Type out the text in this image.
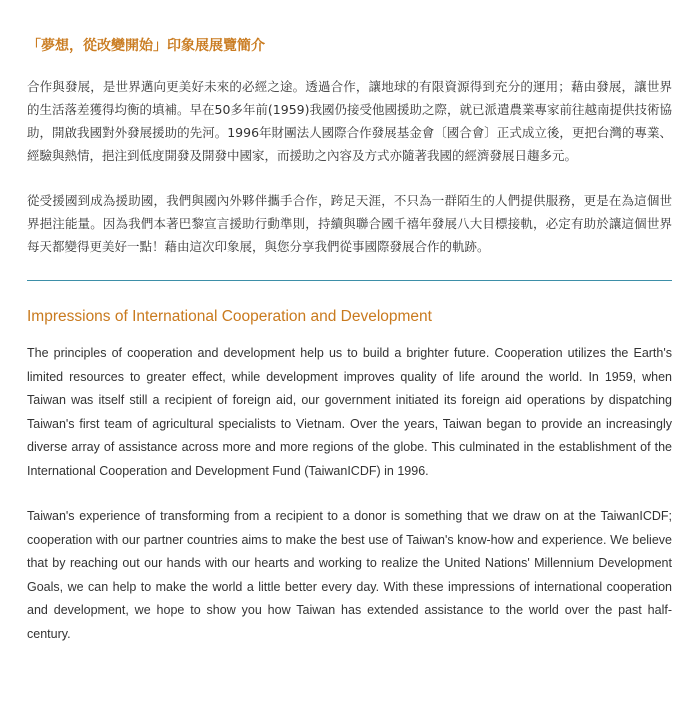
「夢想，從改變開始」印象展展覽簡介

合作與發展，是世界邁向更美好未來的必經之途。透過合作，讓地球的有限資源得到充分的運用；藉由發展，讓世界的生活落差獲得均衡的填補。早在50多年前(1959)我國仍接受他國援助之際，就已派遣農業專家前往越南提供技術協助，開啟我國對外發展援助的先河。1996年財團法人國際合作發展基金會〔國合會〕正式成立後，更把台灣的專業、經驗與熱情，挹注到低度開發及開發中國家，而援助之內容及方式亦隨著我國的經濟發展日趨多元。

從受援國到成為援助國，我們與國內外夥伴攜手合作，跨足天涯，不只為一群陌生的人們提供服務，更是在為這個世界挹注能量。因為我們本著巴黎宣言援助行動準則，持續與聯合國千禧年發展八大目標接軌，必定有助於讓這個世界每天都變得更美好一點！藉由這次印象展，與您分享我們從事國際發展合作的軌跡。

Impressions of International Cooperation and Development

The principles of cooperation and development help us to build a brighter future. Cooperation utilizes the Earth's limited resources to greater effect, while development improves quality of life around the world. In 1959, when Taiwan was itself still a recipient of foreign aid, our government initiated its foreign aid operations by dispatching Taiwan's first team of agricultural specialists to Vietnam. Over the years, Taiwan began to provide an increasingly diverse array of assistance across more and more regions of the globe. This culminated in the establishment of the International Cooperation and Development Fund (TaiwanICDF) in 1996.

Taiwan's experience of transforming from a recipient to a donor is something that we draw on at the TaiwanICDF; cooperation with our partner countries aims to make the best use of Taiwan's know-how and experience. We believe that by reaching out our hands with our hearts and working to realize the United Nations' Millennium Development Goals, we can help to make the world a little better every day. With these impressions of international cooperation and development, we hope to show you how Taiwan has extended assistance to the world over the past half-century.
